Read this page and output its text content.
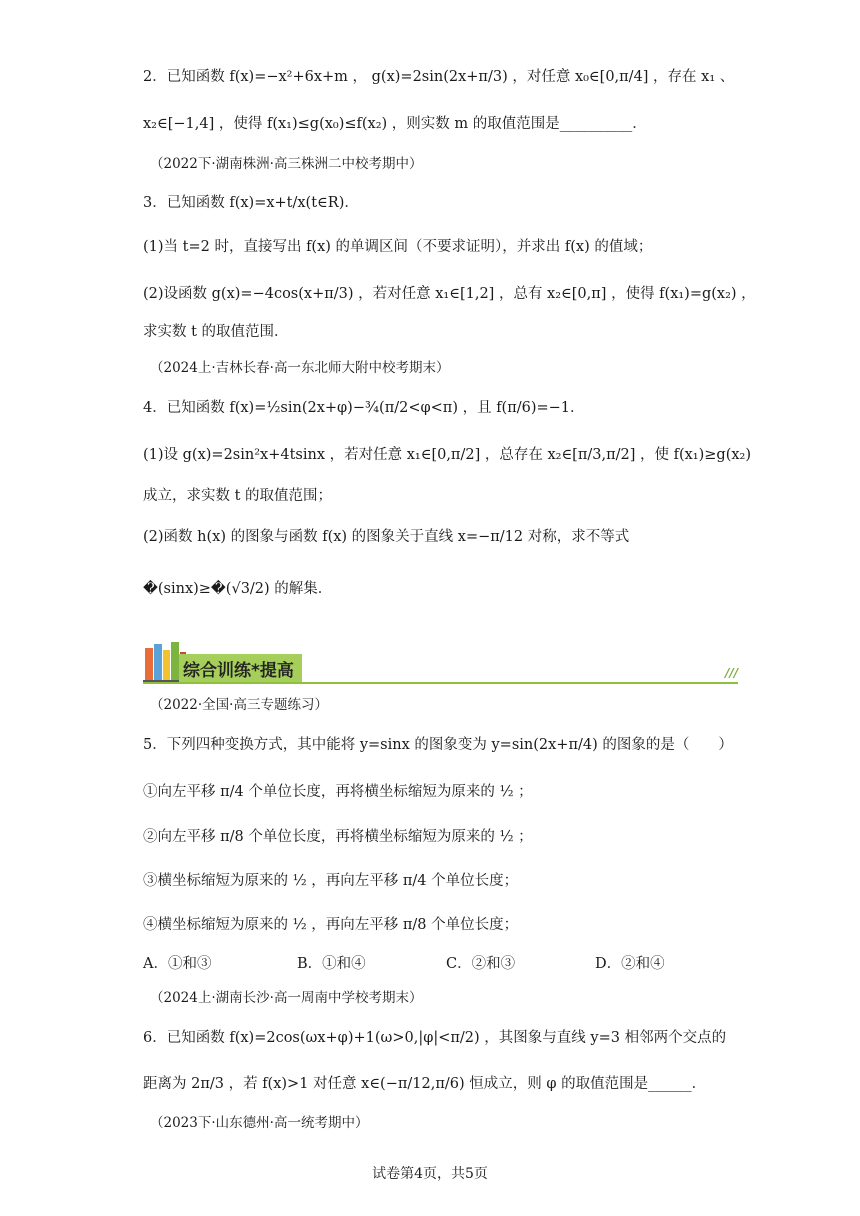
2．已知函数 f(x)=−x²+6x+m ， g(x)=2sin(2x+π/3) ，对任意 x₀∈[0,π/4] ，存在 x₁ 、
x₂∈[−1,4] ，使得 f(x₁)≤g(x₀)≤f(x₂) ，则实数 m 的取值范围是__________．
（2022下·湖南株洲·高三株洲二中校考期中）
3．已知函数 f(x)=x+t/x(t∈R)．
(1)当 t=2 时，直接写出 f(x) 的单调区间（不要求证明），并求出 f(x) 的值域；
(2)设函数 g(x)=−4cos(x+π/3) ，若对任意 x₁∈[1,2] ，总有 x₂∈[0,π] ，使得 f(x₁)=g(x₂) ，
求实数 t 的取值范围．
（2024上·吉林长春·高一东北师大附中校考期末）
4．已知函数 f(x)=½sin(2x+φ)−¾(π/2<φ<π) ，且 f(π/6)=−1．
(1)设 g(x)=2sin²x+4tsinx ，若对任意 x₁∈[0,π/2] ，总存在 x₂∈[π/3,π/2] ，使 f(x₁)≥g(x₂)
成立，求实数 t 的取值范围；
(2)函数 h(x) 的图象与函数 f(x) 的图象关于直线 x=−π/12 对称，求不等式
�(sinx)≥�(√3/2) 的解集．
（2022·全国·高三专题练习）
5．下列四种变换方式，其中能将 y=sinx 的图象变为 y=sin(2x+π/4) 的图象的是（　　）
①向左平移 π/4 个单位长度，再将横坐标缩短为原来的 ½ ；
②向左平移 π/8 个单位长度，再将横坐标缩短为原来的 ½ ；
③横坐标缩短为原来的 ½ ，再向左平移 π/4 个单位长度；
④横坐标缩短为原来的 ½ ，再向左平移 π/8 个单位长度；
（2024上·湖南长沙·高一周南中学校考期末）
6．已知函数 f(x)=2cos(ωx+φ)+1(ω>0,|φ|<π/2) ，其图象与直线 y=3 相邻两个交点的
距离为 2π/3 ，若 f(x)>1 对任意 x∈(−π/12,π/6) 恒成立，则 φ 的取值范围是______．
（2023下·山东德州·高一统考期中）
A．①和③	B．①和④	C．②和③	D．②和④
综合训练*提高	///
试卷第4页，共5页
